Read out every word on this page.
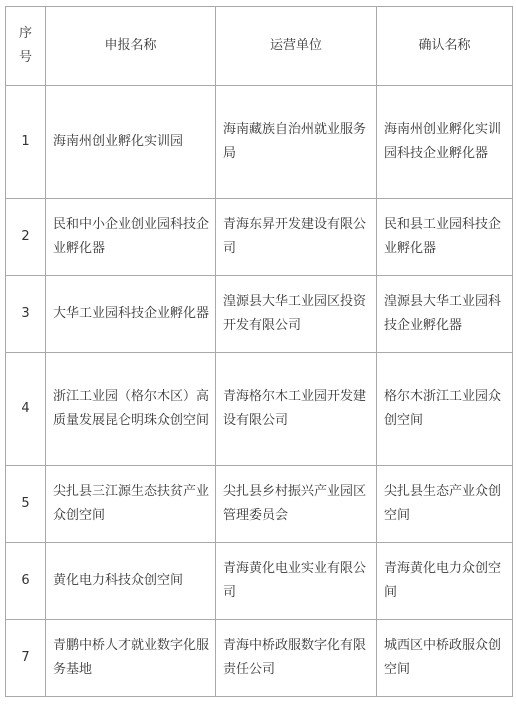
序
号	申报名称	运营单位	确认名称
1	海南州创业孵化实训园	海南藏族自治州就业服务局	海南州创业孵化实训园科技企业孵化器
2	民和中小企业创业园科技企业孵化器	青海东昇开发建设有限公司	民和县工业园科技企业孵化器
3	大华工业园科技企业孵化器	湟源县大华工业园区投资开发有限公司	湟源县大华工业园科技企业孵化器
4	浙江工业园（格尔木区）高质量发展昆仑明珠众创空间	青海格尔木工业园开发建设有限公司	格尔木浙江工业园众创空间
5	尖扎县三江源生态扶贫产业众创空间	尖扎县乡村振兴产业园区管理委员会	尖扎县生态产业众创空间
6	黄化电力科技众创空间	青海黄化电业实业有限公司	青海黄化电力众创空间
7	青鹏中桥人才就业数字化服务基地	青海中桥政服数字化有限责任公司	城西区中桥政服众创空间
